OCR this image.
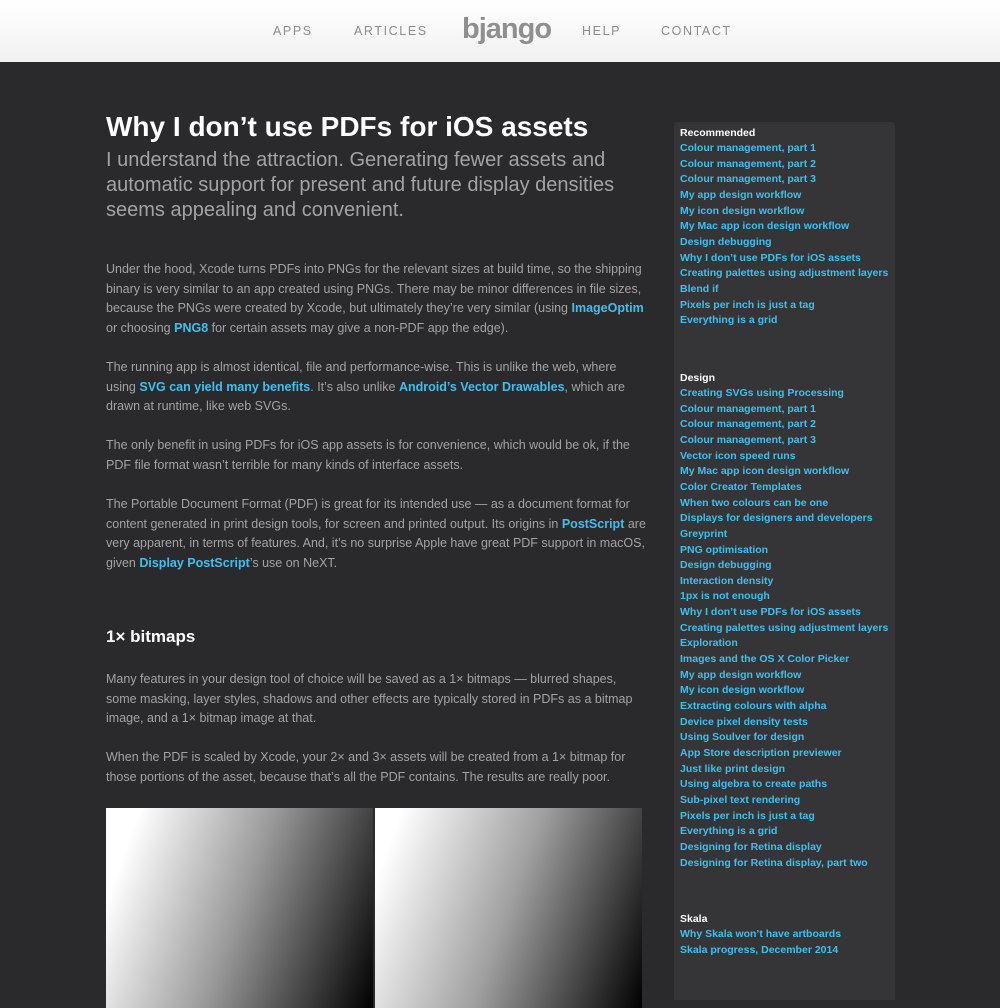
APPS	ARTICLES bjango HELP	CONTACT
Why I don’t use PDFs for iOS assets

I understand the attraction. Generating fewer assets and automatic support for present and future display densities seems appealing and convenient.

Under the hood, Xcode turns PDFs into PNGs for the relevant sizes at build time, so the shipping binary is very similar to an app created using PNGs. There may be minor differences in file sizes, because the PNGs were created by Xcode, but ultimately they’re very similar (using ImageOptim or choosing PNG8 for certain assets may give a non-PDF app the edge).

The running app is almost identical, file and performance-wise. This is unlike the web, where using SVG can yield many benefits. It’s also unlike Android’s Vector Drawables, which are drawn at runtime, like web SVGs.

The only benefit in using PDFs for iOS app assets is for convenience, which would be ok, if the PDF file format wasn’t terrible for many kinds of interface assets.

The Portable Document Format (PDF) is great for its intended use — as a document format for content generated in print design tools, for screen and printed output. Its origins in PostScript are very apparent, in terms of features. And, it’s no surprise Apple have great PDF support in macOS, given Display PostScript’s use on NeXT.

1× bitmaps

Many features in your design tool of choice will be saved as a 1× bitmaps — blurred shapes, some masking, layer styles, shadows and other effects are typically stored in PDFs as a bitmap image, and a 1× bitmap image at that.

When the PDF is scaled by Xcode, your 2× and 3× assets will be created from a 1× bitmap for those portions of the asset, because that’s all the PDF contains. The results are really poor.

Recommended
Colour management, part 1
Colour management, part 2
Colour management, part 3
My app design workflow
My icon design workflow
My Mac app icon design workflow
Design debugging
Why I don’t use PDFs for iOS assets
Creating palettes using adjustment layers
Blend if
Pixels per inch is just a tag
Everything is a grid
Design
Creating SVGs using Processing
Colour management, part 1
Colour management, part 2
Colour management, part 3
Vector icon speed runs
My Mac app icon design workflow
Color Creator Templates
When two colours can be one
Displays for designers and developers
Greyprint
PNG optimisation
Design debugging
Interaction density
1px is not enough
Why I don’t use PDFs for iOS assets
Creating palettes using adjustment layers
Exploration
Images and the OS X Color Picker
My app design workflow
My icon design workflow
Extracting colours with alpha
Device pixel density tests
Using Soulver for design
App Store description previewer
Just like print design
Using algebra to create paths
Sub-pixel text rendering
Pixels per inch is just a tag
Everything is a grid
Designing for Retina display
Designing for Retina display, part two
Skala
Why Skala won’t have artboards
Skala progress, December 2014
